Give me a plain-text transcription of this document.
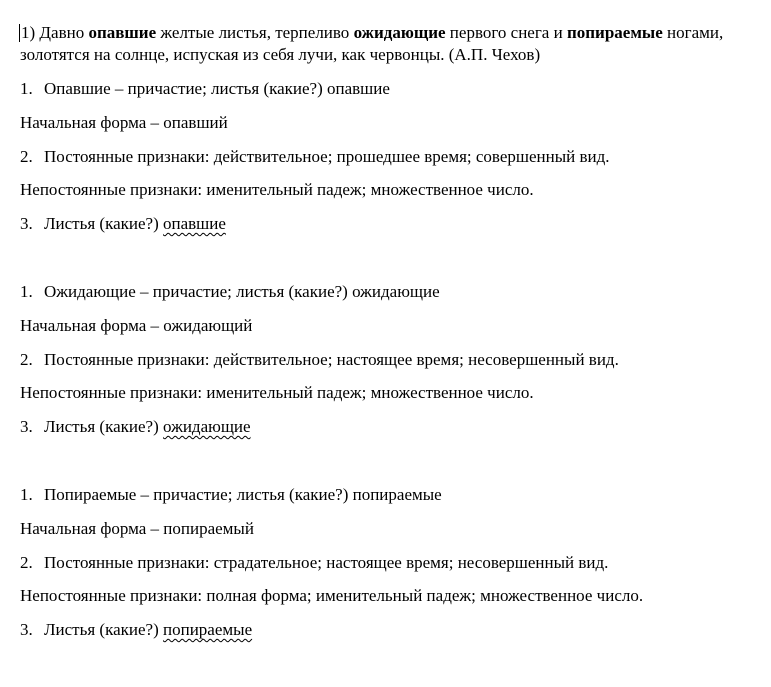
1) Давно опавшие желтые листья, терпеливо ожидающие первого снега и попираемые ногами, золотятся на солнце, испуская из себя лучи, как червонцы. (А.П. Чехов)

1. Опавшие – причастие; листья (какие?) опавшие
Начальная форма – опавший
2. Постоянные признаки: действительное; прошедшее время; совершенный вид.
Непостоянные признаки: именительный падеж; множественное число.
3. Листья (какие?) опавшие
1. Ожидающие – причастие; листья (какие?) ожидающие
Начальная форма – ожидающий
2. Постоянные признаки: действительное; настоящее время; несовершенный вид.
Непостоянные признаки: именительный падеж; множественное число.
3. Листья (какие?) ожидающие
1. Попираемые – причастие; листья (какие?) попираемые
Начальная форма – попираемый
2. Постоянные признаки: страдательное; настоящее время; несовершенный вид.
Непостоянные признаки: полная форма; именительный падеж; множественное число.
3. Листья (какие?) попираемые
